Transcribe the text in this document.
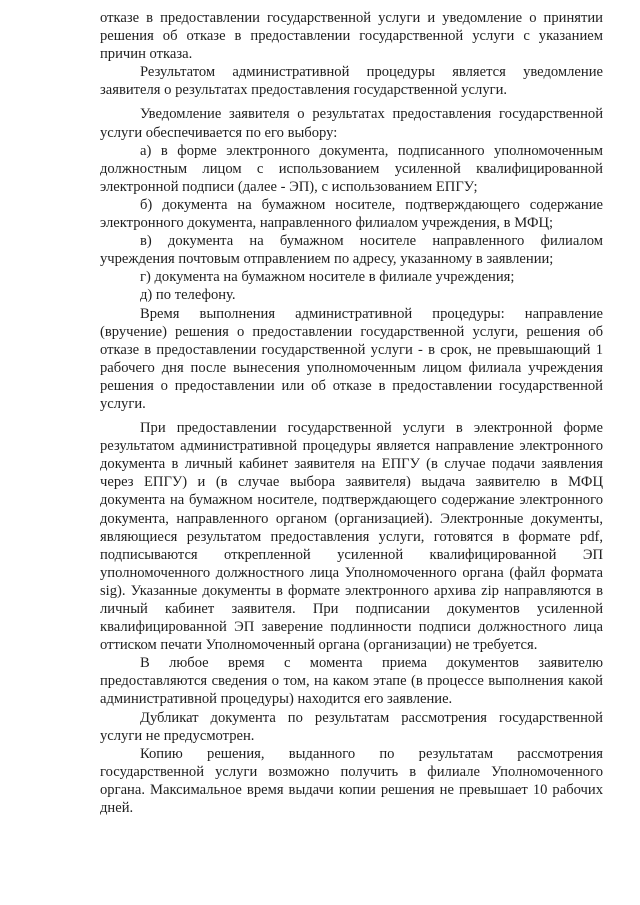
отказе в предоставлении государственной услуги и уведомление о принятии решения об отказе в предоставлении государственной услуги с указанием причин отказа.

Результатом административной процедуры является уведомление заявителя о результатах предоставления государственной услуги.

Уведомление заявителя о результатах предоставления государственной услуги обеспечивается по его выбору:

а) в форме электронного документа, подписанного уполномоченным должностным лицом с использованием усиленной квалифицированной электронной подписи (далее - ЭП), с использованием ЕПГУ;

б) документа на бумажном носителе, подтверждающего содержание электронного документа, направленного филиалом учреждения, в МФЦ;

в) документа на бумажном носителе направленного филиалом учреждения почтовым отправлением по адресу, указанному в заявлении;

г) документа на бумажном носителе в филиале учреждения;

д) по телефону.

Время выполнения административной процедуры: направление (вручение) решения о предоставлении государственной услуги, решения об отказе в предоставлении государственной услуги - в срок, не превышающий 1 рабочего дня после вынесения уполномоченным лицом филиала учреждения решения о предоставлении или об отказе в предоставлении государственной услуги.

При предоставлении государственной услуги в электронной форме результатом административной процедуры является направление электронного документа в личный кабинет заявителя на ЕПГУ (в случае подачи заявления через ЕПГУ) и (в случае выбора заявителя) выдача заявителю в МФЦ документа на бумажном носителе, подтверждающего содержание электронного документа, направленного органом (организацией). Электронные документы, являющиеся результатом предоставления услуги, готовятся в формате pdf, подписываются открепленной усиленной квалифицированной ЭП уполномоченного должностного лица Уполномоченного органа (файл формата sig). Указанные документы в формате электронного архива zip направляются в личный кабинет заявителя. При подписании документов усиленной квалифицированной ЭП заверение подлинности подписи должностного лица оттиском печати Уполномоченный органа (организации) не требуется.

В любое время с момента приема документов заявителю предоставляются сведения о том, на каком этапе (в процессе выполнения какой административной процедуры) находится его заявление.

Дубликат документа по результатам рассмотрения государственной услуги не предусмотрен.

Копию решения, выданного по результатам рассмотрения государственной услуги возможно получить в филиале Уполномоченного органа. Максимальное время выдачи копии решения не превышает 10 рабочих дней.
